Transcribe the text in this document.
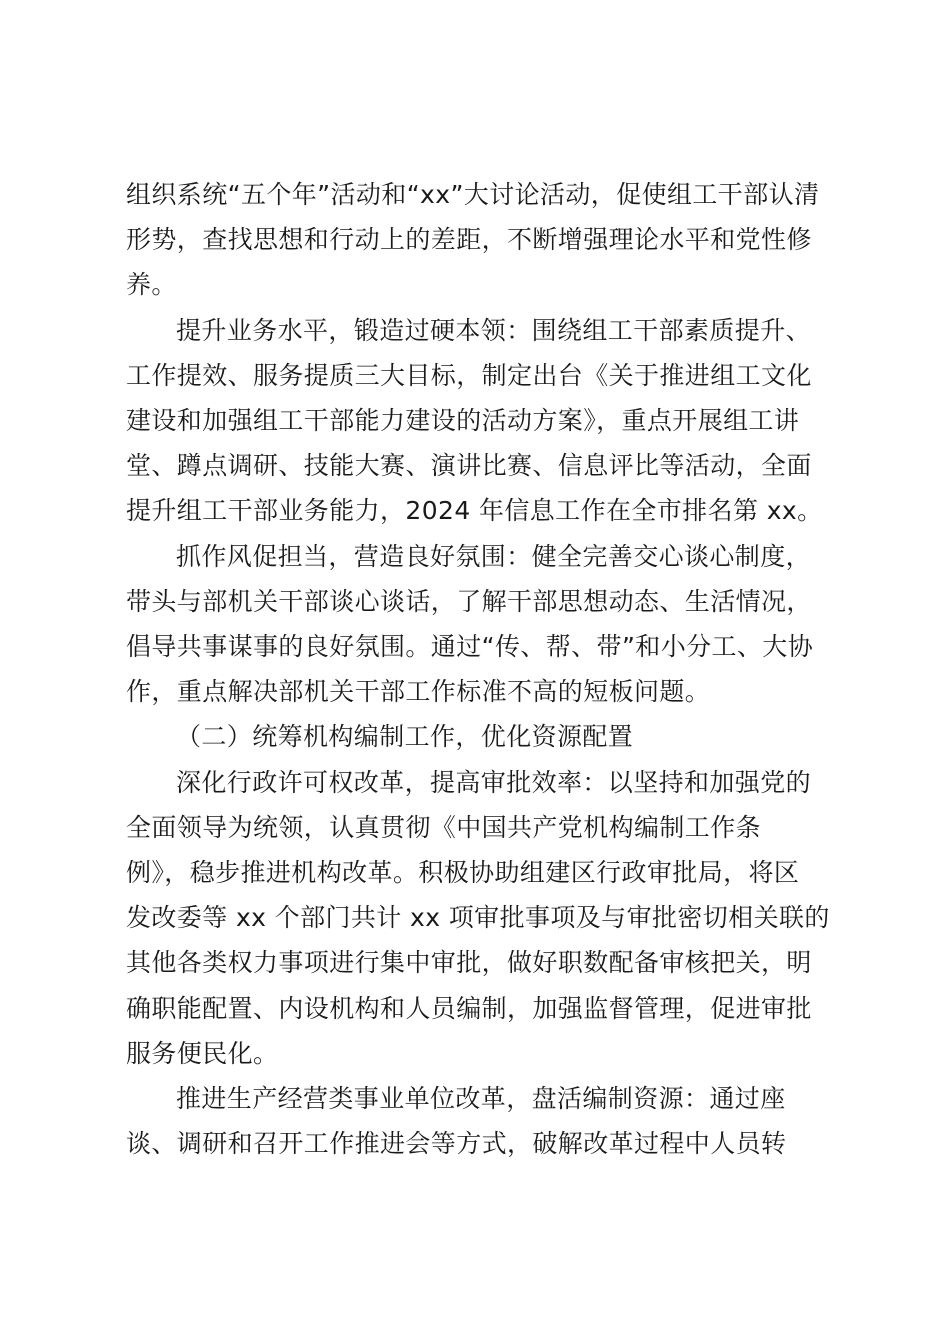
组织系统“五个年”活动和“xx”大讨论活动，促使组工干部认清
形势，查找思想和行动上的差距，不断增强理论水平和党性修
养。

提升业务水平，锻造过硬本领：围绕组工干部素质提升、
工作提效、服务提质三大目标，制定出台《关于推进组工文化
建设和加强组工干部能力建设的活动方案》，重点开展组工讲
堂、蹲点调研、技能大赛、演讲比赛、信息评比等活动，全面
提升组工干部业务能力，2024 年信息工作在全市排名第 xx。

抓作风促担当，营造良好氛围：健全完善交心谈心制度，
带头与部机关干部谈心谈话，了解干部思想动态、生活情况，
倡导共事谋事的良好氛围。通过“传、帮、带”和小分工、大协
作，重点解决部机关干部工作标准不高的短板问题。

（二）统筹机构编制工作，优化资源配置

深化行政许可权改革，提高审批效率：以坚持和加强党的
全面领导为统领，认真贯彻《中国共产党机构编制工作条
例》，稳步推进机构改革。积极协助组建区行政审批局，将区
发改委等 xx 个部门共计 xx 项审批事项及与审批密切相关联的
其他各类权力事项进行集中审批，做好职数配备审核把关，明
确职能配置、内设机构和人员编制，加强监督管理，促进审批
服务便民化。

推进生产经营类事业单位改革，盘活编制资源：通过座
谈、调研和召开工作推进会等方式，破解改革过程中人员转
